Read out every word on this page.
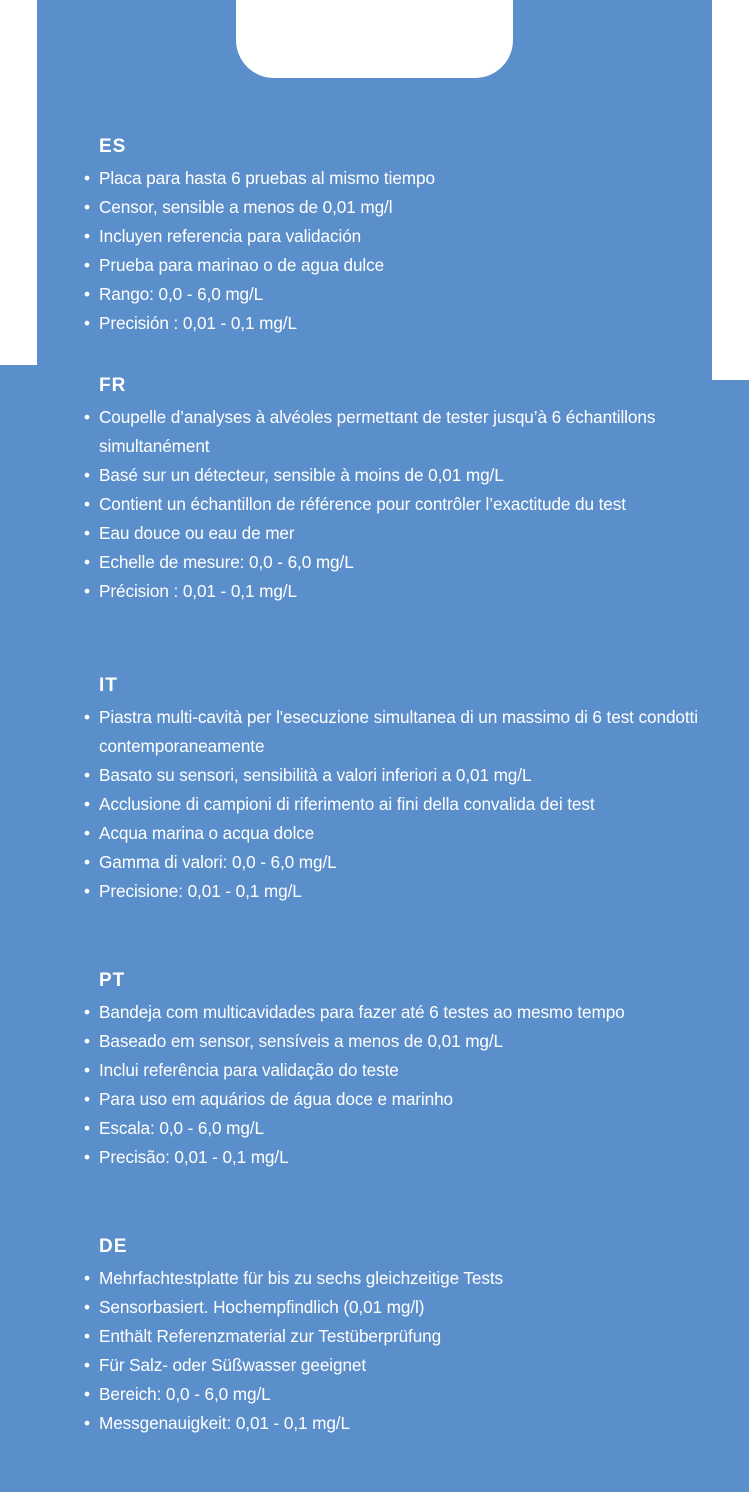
ES
• Placa para hasta 6 pruebas al mismo tiempo
• Censor, sensible a menos de 0,01 mg/l
• Incluyen referencia para validación
• Prueba para marinao o de agua dulce
• Rango: 0,0 - 6,0 mg/L
• Precisión : 0,01 - 0,1 mg/L
FR
• Coupelle d’analyses à alvéoles permettant de tester jusqu’à 6 échantillons simultanément
• Basé sur un détecteur, sensible à moins de 0,01 mg/L
• Contient un échantillon de référence pour contrôler l’exactitude du test
• Eau douce ou eau de mer
• Echelle de mesure: 0,0 - 6,0 mg/L
• Précision : 0,01 - 0,1 mg/L
IT
• Piastra multi-cavità per l'esecuzione simultanea di un massimo di 6 test condotti contemporaneamente
• Basato su sensori, sensibilità a valori inferiori a 0,01 mg/L
• Acclusione di campioni di riferimento ai fini della convalida dei test
• Acqua marina o acqua dolce
• Gamma di valori: 0,0 - 6,0 mg/L
• Precisione: 0,01 - 0,1 mg/L
PT
• Bandeja com multicavidades para fazer até 6 testes ao mesmo tempo
• Baseado em sensor, sensíveis a menos de 0,01 mg/L
• Inclui referência para validação do teste
• Para uso em aquários de água doce e marinho
• Escala: 0,0 - 6,0 mg/L
• Precisão: 0,01 - 0,1 mg/L
DE
• Mehrfachtestplatte für bis zu sechs gleichzeitige Tests
• Sensorbasiert. Hochempfindlich (0,01 mg/l)
• Enthält Referenzmaterial zur Testüberprüfung
• Für Salz- oder Süßwasser geeignet
• Bereich: 0,0 - 6,0 mg/L
• Messgenauigkeit: 0,01 - 0,1 mg/L
